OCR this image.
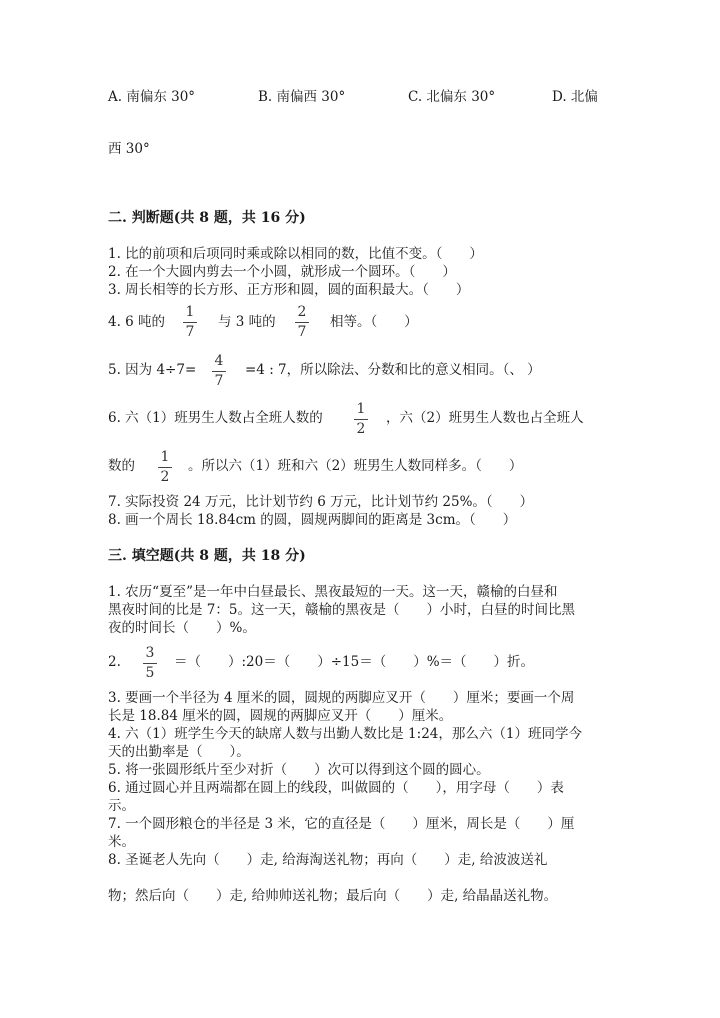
A. 南偏东 30°	B. 南偏西 30°	C. 北偏东 30°	D. 北偏
西 30°
二. 判断题(共 8 题，共 16 分)
1. 比的前项和后项同时乘或除以相同的数，比值不变。（　　）
2. 在一个大圆内剪去一个小圆，就形成一个圆环。（　　）
3. 周长相等的长方形、正方形和圆，圆的面积最大。（　　）
4. 6 吨的
1
7
与 3 吨的
2
7
相等。（　　）
5. 因为 4÷7=
4
7
=4 : 7，所以除法、分数和比的意义相同。（、 ）
6. 六（1）班男生人数占全班人数的
1
2
，六（2）班男生人数也占全班人
数的
1
2
。所以六（1）班和六（2）班男生人数同样多。（　　）
7. 实际投资 24 万元，比计划节约 6 万元，比计划节约 25%。（　　）
8. 画一个周长 18.84cm 的圆，圆规两脚间的距离是 3cm。（　　）
三. 填空题(共 8 题，共 18 分)
1. 农历“夏至”是一年中白昼最长、黑夜最短的一天。这一天，赣榆的白昼和
黑夜时间的比是 7：5。这一天，赣榆的黑夜是（　　）小时，白昼的时间比黑
夜的时间长（　　）%。
2.
3
5
＝（　　）:20＝（　　）÷15＝（　　）%＝（　　）折。
3. 要画一个半径为 4 厘米的圆，圆规的两脚应叉开（　　）厘米；要画一个周
长是 18.84 厘米的圆，圆规的两脚应叉开（　　）厘米。
4. 六（1）班学生今天的缺席人数与出勤人数比是 1:24，那么六（1）班同学今
天的出勤率是（　　）。
5. 将一张圆形纸片至少对折（　　）次可以得到这个圆的圆心。
6. 通过圆心并且两端都在圆上的线段，叫做圆的（　　），用字母（　　）表
示。
7. 一个圆形粮仓的半径是 3 米，它的直径是（　　）厘米，周长是（　　）厘
米。
8. 圣诞老人先向（　　）走, 给海淘送礼物；再向（　　）走, 给波波送礼
物；然后向（　　）走, 给帅帅送礼物；最后向（　　）走, 给晶晶送礼物。
